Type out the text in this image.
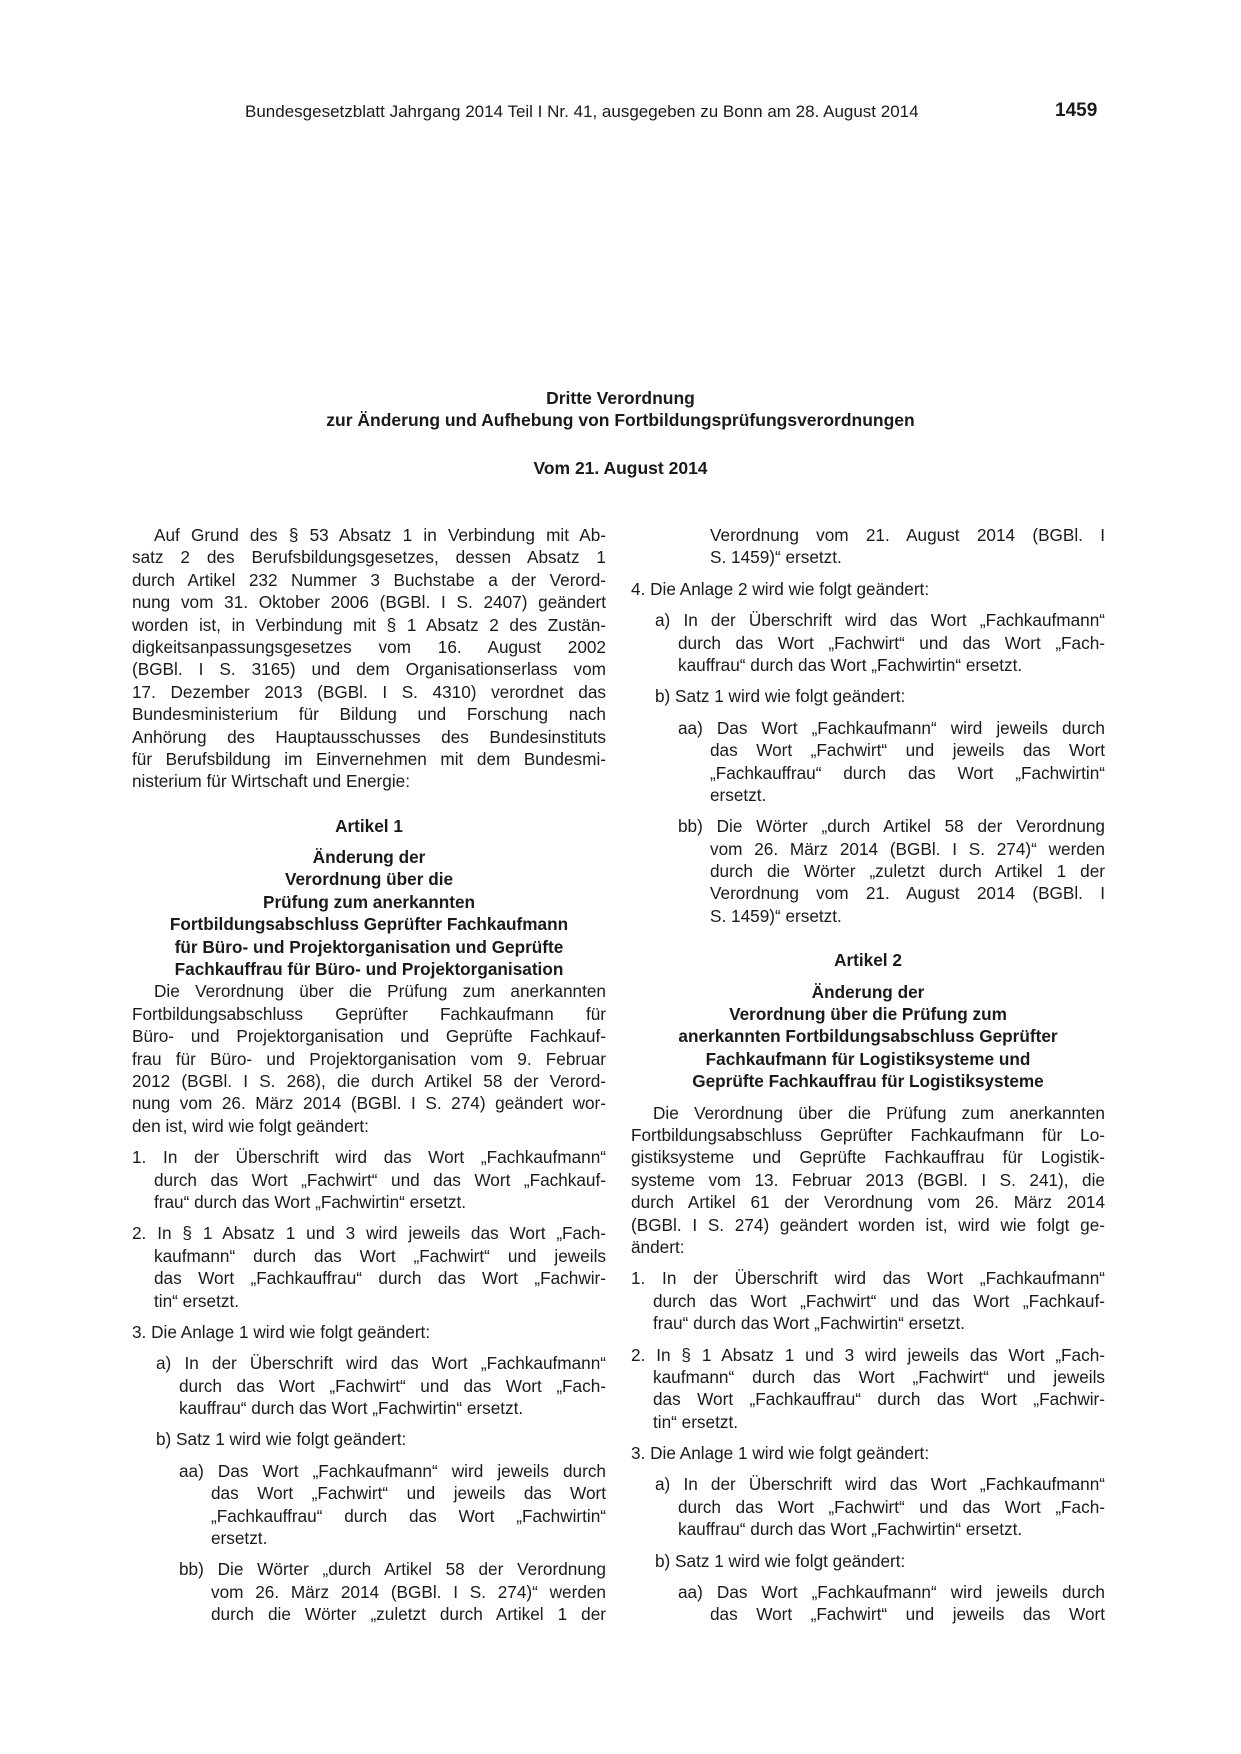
Bundesgesetzblatt Jahrgang 2014 Teil I Nr. 41, ausgegeben zu Bonn am 28. August 2014	1459
Dritte Verordnung
zur Änderung und Aufhebung von Fortbildungsprüfungsverordnungen
Vom 21. August 2014
Auf Grund des § 53 Absatz 1 in Verbindung mit Ab-
satz 2 des Berufsbildungsgesetzes, dessen Absatz 1
durch Artikel 232 Nummer 3 Buchstabe a der Verord-
nung vom 31. Oktober 2006 (BGBl. I S. 2407) geändert
worden ist, in Verbindung mit § 1 Absatz 2 des Zustän-
digkeitsanpassungsgesetzes vom 16. August 2002
(BGBl. I S. 3165) und dem Organisationserlass vom
17. Dezember 2013 (BGBl. I S. 4310) verordnet das
Bundesministerium für Bildung und Forschung nach
Anhörung des Hauptausschusses des Bundesinstituts
für Berufsbildung im Einvernehmen mit dem Bundesmi-
nisterium für Wirtschaft und Energie:
Artikel 1
Änderung der
Verordnung über die
Prüfung zum anerkannten
Fortbildungsabschluss Geprüfter Fachkaufmann
für Büro- und Projektorganisation und Geprüfte
Fachkauffrau für Büro- und Projektorganisation
Die Verordnung über die Prüfung zum anerkannten
Fortbildungsabschluss Geprüfter Fachkaufmann für
Büro- und Projektorganisation und Geprüfte Fachkauf-
frau für Büro- und Projektorganisation vom 9. Februar
2012 (BGBl. I S. 268), die durch Artikel 58 der Verord-
nung vom 26. März 2014 (BGBl. I S. 274) geändert wor-
den ist, wird wie folgt geändert:
1. In der Überschrift wird das Wort „Fachkaufmann“
durch das Wort „Fachwirt“ und das Wort „Fachkauf-
frau“ durch das Wort „Fachwirtin“ ersetzt.
2. In § 1 Absatz 1 und 3 wird jeweils das Wort „Fach-
kaufmann“ durch das Wort „Fachwirt“ und jeweils
das Wort „Fachkauffrau“ durch das Wort „Fachwir-
tin“ ersetzt.
3. Die Anlage 1 wird wie folgt geändert:
a) In der Überschrift wird das Wort „Fachkaufmann“
durch das Wort „Fachwirt“ und das Wort „Fach-
kauffrau“ durch das Wort „Fachwirtin“ ersetzt.
b) Satz 1 wird wie folgt geändert:
aa) Das Wort „Fachkaufmann“ wird jeweils durch
das Wort „Fachwirt“ und jeweils das Wort
„Fachkauffrau“ durch das Wort „Fachwirtin“
ersetzt.
bb) Die Wörter „durch Artikel 58 der Verordnung
vom 26. März 2014 (BGBl. I S. 274)“ werden
durch die Wörter „zuletzt durch Artikel 1 der
Verordnung vom 21. August 2014 (BGBl. I
S. 1459)“ ersetzt.
4. Die Anlage 2 wird wie folgt geändert:
a) In der Überschrift wird das Wort „Fachkaufmann“
durch das Wort „Fachwirt“ und das Wort „Fach-
kauffrau“ durch das Wort „Fachwirtin“ ersetzt.
b) Satz 1 wird wie folgt geändert:
aa) Das Wort „Fachkaufmann“ wird jeweils durch
das Wort „Fachwirt“ und jeweils das Wort
„Fachkauffrau“ durch das Wort „Fachwirtin“
ersetzt.
bb) Die Wörter „durch Artikel 58 der Verordnung
vom 26. März 2014 (BGBl. I S. 274)“ werden
durch die Wörter „zuletzt durch Artikel 1 der
Verordnung vom 21. August 2014 (BGBl. I
S. 1459)“ ersetzt.
Artikel 2
Änderung der
Verordnung über die Prüfung zum
anerkannten Fortbildungsabschluss Geprüfter
Fachkaufmann für Logistiksysteme und
Geprüfte Fachkauffrau für Logistiksysteme
Die Verordnung über die Prüfung zum anerkannten
Fortbildungsabschluss Geprüfter Fachkaufmann für Lo-
gistiksysteme und Geprüfte Fachkauffrau für Logistik-
systeme vom 13. Februar 2013 (BGBl. I S. 241), die
durch Artikel 61 der Verordnung vom 26. März 2014
(BGBl. I S. 274) geändert worden ist, wird wie folgt ge-
ändert:
1. In der Überschrift wird das Wort „Fachkaufmann“
durch das Wort „Fachwirt“ und das Wort „Fachkauf-
frau“ durch das Wort „Fachwirtin“ ersetzt.
2. In § 1 Absatz 1 und 3 wird jeweils das Wort „Fach-
kaufmann“ durch das Wort „Fachwirt“ und jeweils
das Wort „Fachkauffrau“ durch das Wort „Fachwir-
tin“ ersetzt.
3. Die Anlage 1 wird wie folgt geändert:
a) In der Überschrift wird das Wort „Fachkaufmann“
durch das Wort „Fachwirt“ und das Wort „Fach-
kauffrau“ durch das Wort „Fachwirtin“ ersetzt.
b) Satz 1 wird wie folgt geändert:
aa) Das Wort „Fachkaufmann“ wird jeweils durch
das Wort „Fachwirt“ und jeweils das Wort
